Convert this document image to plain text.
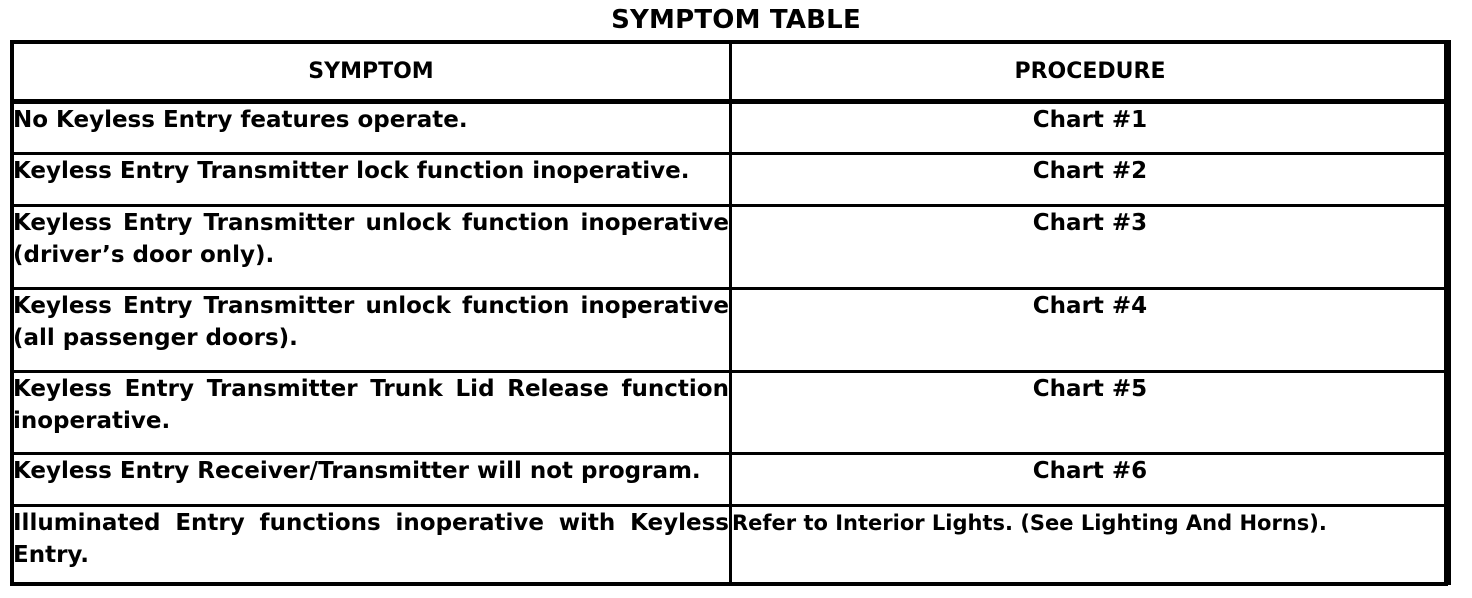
SYMPTOM TABLE
SYMPTOM	PROCEDURE
No Keyless Entry features operate.	Chart #1
Keyless Entry Transmitter lock function inoperative.	Chart #2
Keyless Entry Transmitter unlock function inoperative (driver’s door only).	Chart #3
Keyless Entry Transmitter unlock function inoperative (all passenger doors).	Chart #4
Keyless Entry Transmitter Trunk Lid Release function inoperative.	Chart #5
Keyless Entry Receiver/Transmitter will not program.	Chart #6
Illuminated Entry functions inoperative with Keyless Entry.	Refer to Interior Lights. (See Lighting And Horns).
